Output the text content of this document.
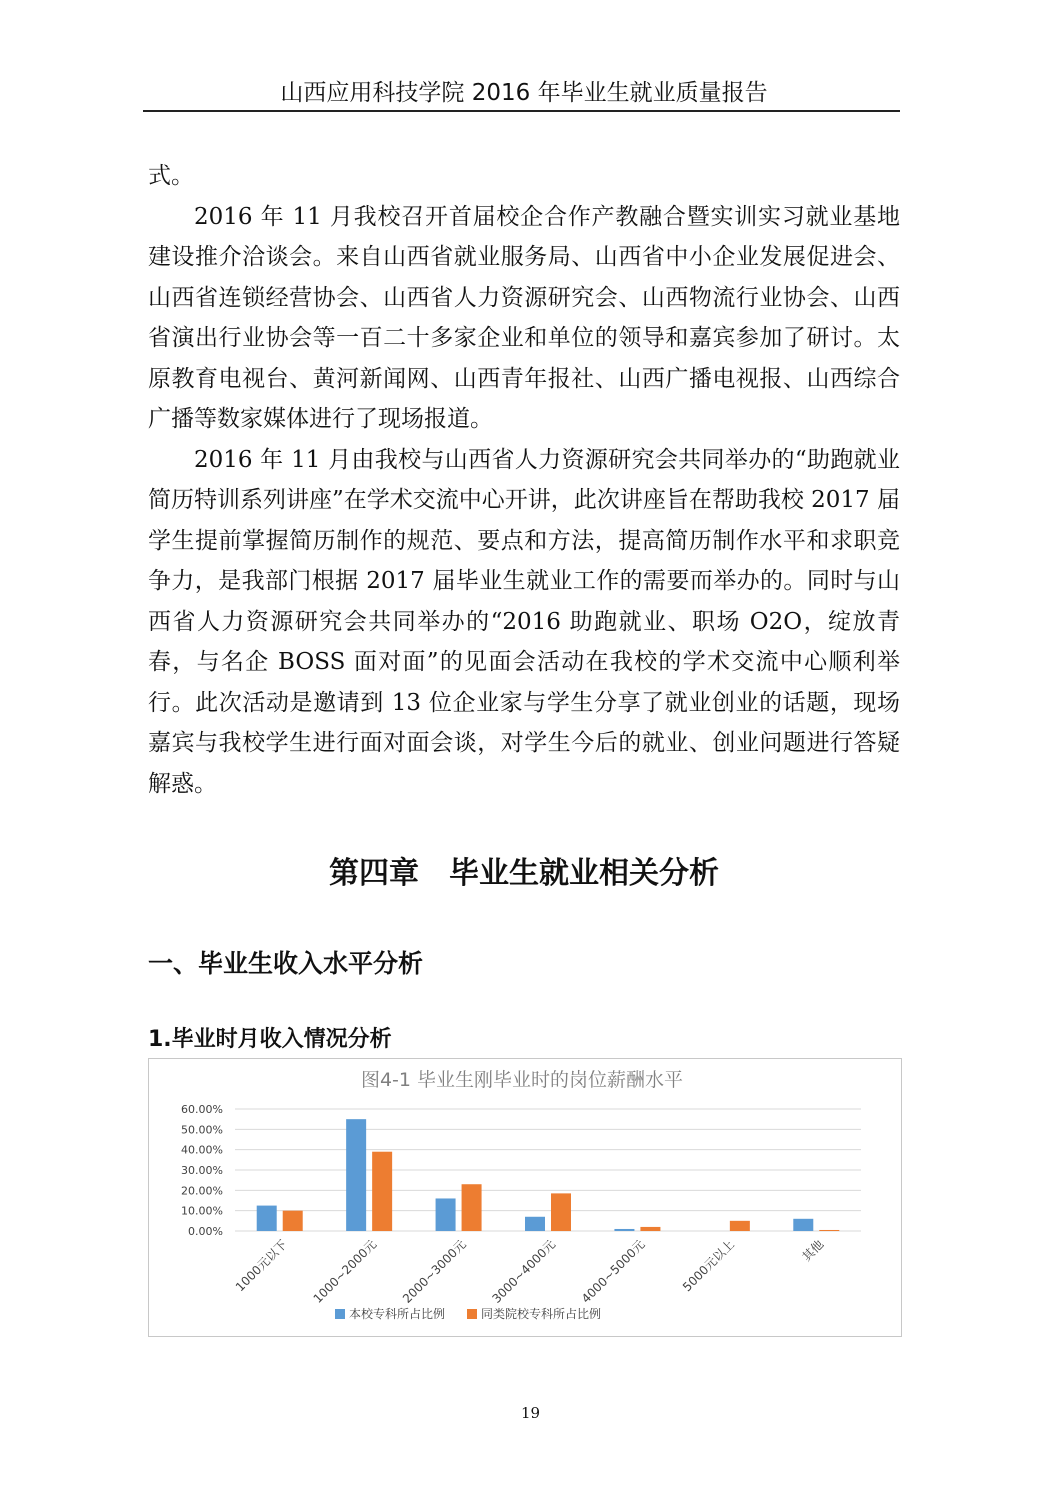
山西应用科技学院 2016 年毕业生就业质量报告

式。

2016 年 11 月我校召开首届校企合作产教融合暨实训实习就业基地建设推介洽谈会。来自山西省就业服务局、山西省中小企业发展促进会、山西省连锁经营协会、山西省人力资源研究会、山西物流行业协会、山西省演出行业协会等一百二十多家企业和单位的领导和嘉宾参加了研讨。太原教育电视台、黄河新闻网、山西青年报社、山西广播电视报、山西综合广播等数家媒体进行了现场报道。

2016 年 11 月由我校与山西省人力资源研究会共同举办的“助跑就业简历特训系列讲座”在学术交流中心开讲，此次讲座旨在帮助我校 2017 届学生提前掌握简历制作的规范、要点和方法，提高简历制作水平和求职竞争力，是我部门根据 2017 届毕业生就业工作的需要而举办的。同时与山西省人力资源研究会共同举办的“2016 助跑就业、职场 O2O，绽放青春，与名企 BOSS 面对面”的见面会活动在我校的学术交流中心顺利举行。此次活动是邀请到 13 位企业家与学生分享了就业创业的话题，现场嘉宾与我校学生进行面对面会谈，对学生今后的就业、创业问题进行答疑解惑。

第四章　毕业生就业相关分析
一、毕业生收入水平分析
1.毕业时月收入情况分析
图4-1 毕业生刚毕业时的岗位薪酬水平
0.00%
10.00%
20.00%
30.00%
40.00%
50.00%
60.00%
1000元以下 1000~2000元 2000~3000元 3000~4000元 4000~5000元	5000元以上	其他
本校专科所占比例	同类院校专科所占比例
19
